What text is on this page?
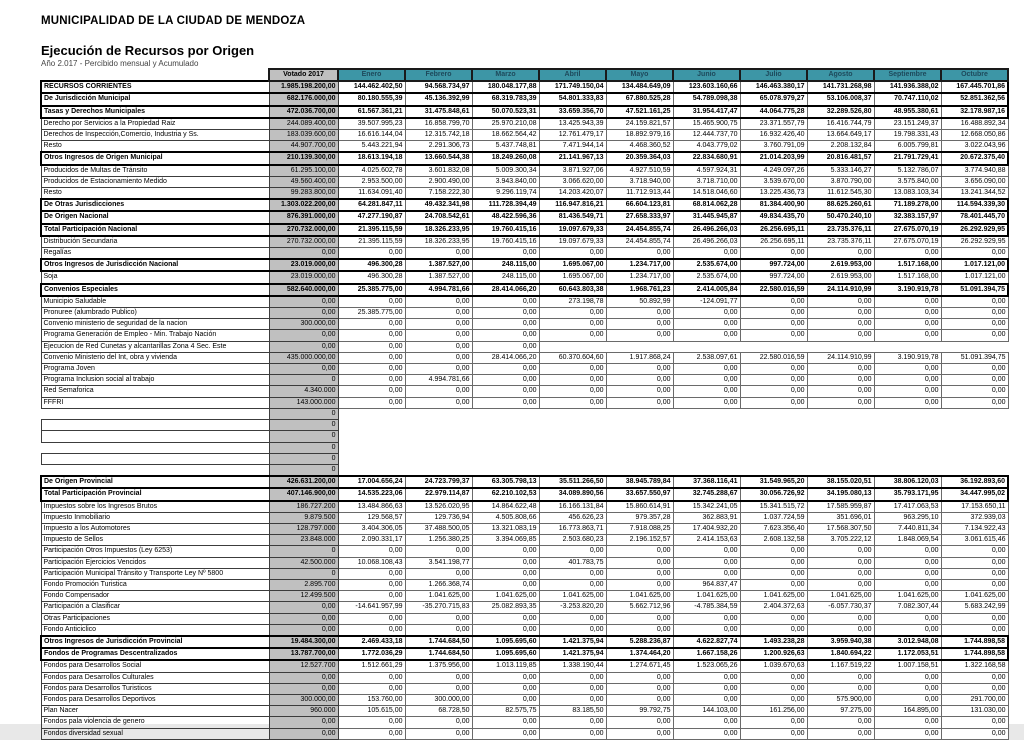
MUNICIPALIDAD DE LA CIUDAD DE MENDOZA
Ejecución de Recursos por Origen
Año 2.017 - Percibido mensual y Acumulado
	Votado 2017	Enero	Febrero	Marzo	Abril	Mayo	Junio	Julio	Agosto	Septiembre	Octubre
RECURSOS CORRIENTES	1.985.198.200,00	144.462.402,50	94.568.734,97	180.048.177,88	171.749.150,04	134.484.649,09	123.603.160,66	146.463.380,17	141.731.268,98	141.936.388,02	167.445.701,86
De Jurisdicción Municipal	682.176.000,00	80.180.555,39	45.136.392,99	68.319.783,39	54.801.333,83	67.880.525,28	54.789.098,38	65.078.979,27	53.106.008,37	70.747.110,02	52.851.362,56
Tasas y Derechos Municipales	472.036.700,00	61.567.361,21	31.475.848,61	50.070.523,31	33.659.356,70	47.521.161,25	31.954.417,47	44.064.775,28	32.289.526,80	48.955.380,61	32.178.987,16
Derecho por Servicios a la Propiedad Raiz	244.089.400,00	39.507.995,23	16.858.799,70	25.970.210,08	13.425.943,39	24.159.821,57	15.465.900,75	23.371.557,79	16.416.744,79	23.151.249,37	16.488.892,34
Derechos de Inspección,Comercio, Industria y Ss.	183.039.600,00	16.616.144,04	12.315.742,18	18.662.564,42	12.761.479,17	18.892.979,16	12.444.737,70	16.932.426,40	13.664.649,17	19.798.331,43	12.668.050,86
Resto	44.907.700,00	5.443.221,94	2.291.306,73	5.437.748,81	7.471.944,14	4.468.360,52	4.043.779,02	3.760.791,09	2.208.132,84	6.005.799,81	3.022.043,96
Otros Ingresos de Origen Municipal	210.139.300,00	18.613.194,18	13.660.544,38	18.249.260,08	21.141.967,13	20.359.364,03	22.834.680,91	21.014.203,99	20.816.481,57	21.791.729,41	20.672.375,40
Producidos de Multas de Tránsito	61.295.100,00	4.025.602,78	3.601.832,08	5.009.300,34	3.871.927,06	4.927.510,59	4.597.924,31	4.249.097,26	5.333.146,27	5.132.786,07	3.774.940,88
Producidos de Estacionamiento Medido	49.560.400,00	2.953.500,00	2.900.490,00	3.943.840,00	3.066.620,00	3.718.940,00	3.718.710,00	3.539.670,00	3.870.790,00	3.575.840,00	3.656.090,00
Resto	99.283.800,00	11.634.091,40	7.158.222,30	9.296.119,74	14.203.420,07	11.712.913,44	14.518.046,60	13.225.436,73	11.612.545,30	13.083.103,34	13.241.344,52
De Otras Jurisdicciones	1.303.022.200,00	64.281.847,11	49.432.341,98	111.728.394,49	116.947.816,21	66.604.123,81	68.814.062,28	81.384.400,90	88.625.260,61	71.189.278,00	114.594.339,30
De Origen Nacional	876.391.000,00	47.277.190,87	24.708.542,61	48.422.596,36	81.436.549,71	27.658.333,97	31.445.945,87	49.834.435,70	50.470.240,10	32.383.157,97	78.401.445,70
Total Participación Nacional	270.732.000,00	21.395.115,59	18.326.233,95	19.760.415,16	19.097.679,33	24.454.855,74	26.496.266,03	26.256.695,11	23.735.376,11	27.675.070,19	26.292.929,95
Distribución Secundaria	270.732.000,00	21.395.115,59	18.326.233,95	19.760.415,16	19.097.679,33	24.454.855,74	26.496.266,03	26.256.695,11	23.735.376,11	27.675.070,19	26.292.929,95
Regalías	0,00	0,00	0,00	0,00	0,00	0,00	0,00	0,00	0,00	0,00	0,00
Otros Ingresos de Jurisdicción Nacional	23.019.000,00	496.300,28	1.387.527,00	248.115,00	1.695.067,00	1.234.717,00	2.535.674,00	997.724,00	2.619.953,00	1.517.168,00	1.017.121,00
Soja	23.019.000,00	496.300,28	1.387.527,00	248.115,00	1.695.067,00	1.234.717,00	2.535.674,00	997.724,00	2.619.953,00	1.517.168,00	1.017.121,00
Convenios Especiales	582.640.000,00	25.385.775,00	4.994.781,66	28.414.066,20	60.643.803,38	1.968.761,23	2.414.005,84	22.580.016,59	24.114.910,99	3.190.919,78	51.091.394,75
Municipio Saludable	0,00	0,00	0,00	0,00	273.198,78	50.892,99	-124.091,77	0,00	0,00	0,00	0,00
Pronuree (alumbrado Publico)	0,00	25.385.775,00	0,00	0,00	0,00	0,00	0,00	0,00	0,00	0,00	0,00
Convenio ministerio de seguridad de la nacion	300.000,00	0,00	0,00	0,00	0,00	0,00	0,00	0,00	0,00	0,00	0,00
Programa Generación de Empleo - Min. Trabajo Nación	0,00	0,00	0,00	0,00	0,00	0,00	0,00	0,00	0,00	0,00	0,00
Ejecucion de Red Cunetas y alcantarillas Zona 4 Sec. Este	0,00	0,00	0,00	0,00							
Convenio Ministerio del Int, obra y vivienda	435.000.000,00	0,00	0,00	28.414.066,20	60.370.604,60	1.917.868,24	2.538.097,61	22.580.016,59	24.114.910,99	3.190.919,78	51.091.394,75
Programa Joven	0,00	0,00	0,00	0,00	0,00	0,00	0,00	0,00	0,00	0,00	0,00
Programa Inclusion social al trabajo	0	0,00	4.994.781,66	0,00	0,00	0,00	0,00	0,00	0,00	0,00	0,00
Red Semaforica	4.340.000	0,00	0,00	0,00	0,00	0,00	0,00	0,00	0,00	0,00	0,00
FFFRI	143.000.000	0,00	0,00	0,00	0,00	0,00	0,00	0,00	0,00	0,00	0,00
	0										
	0										
	0										
	0										
	0										
	0										
De Origen Provincial	426.631.200,00	17.004.656,24	24.723.799,37	63.305.798,13	35.511.266,50	38.945.789,84	37.368.116,41	31.549.965,20	38.155.020,51	38.806.120,03	36.192.893,60
Total Participación Provincial	407.146.900,00	14.535.223,06	22.979.114,87	62.210.102,53	34.089.890,56	33.657.550,97	32.745.288,67	30.056.726,92	34.195.080,13	35.793.171,95	34.447.995,02
Impuestos sobre los Ingresos Brutos	186.727.200	13.484.866,63	13.526.020,95	14.864.622,48	16.166.131,84	15.860.614,91	15.342.241,05	15.341.515,72	17.585.959,87	17.417.063,53	17.153.650,11
Impuesto Inmobiliario	9.879.500	129.568,57	129.736,94	4.505.808,66	456.626,23	979.357,28	362.883,91	1.037.724,59	351.696,01	963.295,10	372.939,03
Impuesto a los Automotores	128.797.000	3.404.306,05	37.488.500,05	13.321.083,19	16.773.863,71	7.918.088,25	17.404.932,20	7.623.356,40	17.568.307,50	7.440.811,34	7.134.922,43
Impuesto de Sellos	23.848.000	2.090.331,17	1.256.380,25	3.394.069,85	2.503.680,23	2.196.152,57	2.414.153,63	2.608.132,58	3.705.222,12	1.848.069,54	3.061.615,46
Participación Otros Impuestos (Ley 6253)	0	0,00	0,00	0,00	0,00	0,00	0,00	0,00	0,00	0,00	0,00
Participación Ejercicios Vencidos	42.500.000	10.068.108,43	3.541.198,77	0,00	401.783,75	0,00	0,00	0,00	0,00	0,00	0,00
Participación Municipal Tránsito y Transporte Ley Nº 5800	0	0,00	0,00	0,00	0,00	0,00	0,00	0,00	0,00	0,00	0,00
Fondo Promoción Turistica	2.895.700	0,00	1.266.368,74	0,00	0,00	0,00	964.837,47	0,00	0,00	0,00	0,00
Fondo Compensador	12.499.500	0,00	1.041.625,00	1.041.625,00	1.041.625,00	1.041.625,00	1.041.625,00	1.041.625,00	1.041.625,00	1.041.625,00	1.041.625,00
Participación a Clasificar	0,00	-14.641.957,99	-35.270.715,83	25.082.893,35	-3.253.820,20	5.662.712,96	-4.785.384,59	2.404.372,63	-6.057.730,37	7.082.307,44	5.683.242,99
Otras Participaciones	0,00	0,00	0,00	0,00	0,00	0,00	0,00	0,00	0,00	0,00	0,00
Fondo Anticiclico	0,00	0,00	0,00	0,00	0,00	0,00	0,00	0,00	0,00	0,00	0,00
Otros Ingresos de Jurisdicción Provincial	19.484.300,00	2.469.433,18	1.744.684,50	1.095.695,60	1.421.375,94	5.288.236,87	4.622.827,74	1.493.238,28	3.959.940,38	3.012.948,08	1.744.898,58
Fondos de Programas Descentralizados	13.787.700,00	1.772.036,29	1.744.684,50	1.095.695,60	1.421.375,94	1.374.464,20	1.667.158,26	1.200.926,63	1.840.694,22	1.172.053,51	1.744.898,58
Fondos para Desarrollos Social	12.527.700	1.512.661,29	1.375.956,00	1.013.119,85	1.338.190,44	1.274.671,45	1.523.065,26	1.039.670,63	1.167.519,22	1.007.158,51	1.322.168,58
Fondos para Desarrollos Culturales	0,00	0,00	0,00	0,00	0,00	0,00	0,00	0,00	0,00	0,00	0,00
Fondos para Desarrollos Turisticos	0,00	0,00	0,00	0,00	0,00	0,00	0,00	0,00	0,00	0,00	0,00
Fondos para Desarrollos Deportivos	300.000,00	153.760,00	300.000,00	0,00	0,00	0,00	0,00	0,00	575.900,00	0,00	291.700,00
Plan Nacer	960.000	105.615,00	68.728,50	82.575,75	83.185,50	99.792,75	144.103,00	161.256,00	97.275,00	164.895,00	131.030,00
Fondos pala violencia de genero	0,00	0,00	0,00	0,00	0,00	0,00	0,00	0,00	0,00	0,00	0,00
Fondos diversidad sexual	0,00	0,00	0,00	0,00	0,00	0,00	0,00	0,00	0,00	0,00	0,00
